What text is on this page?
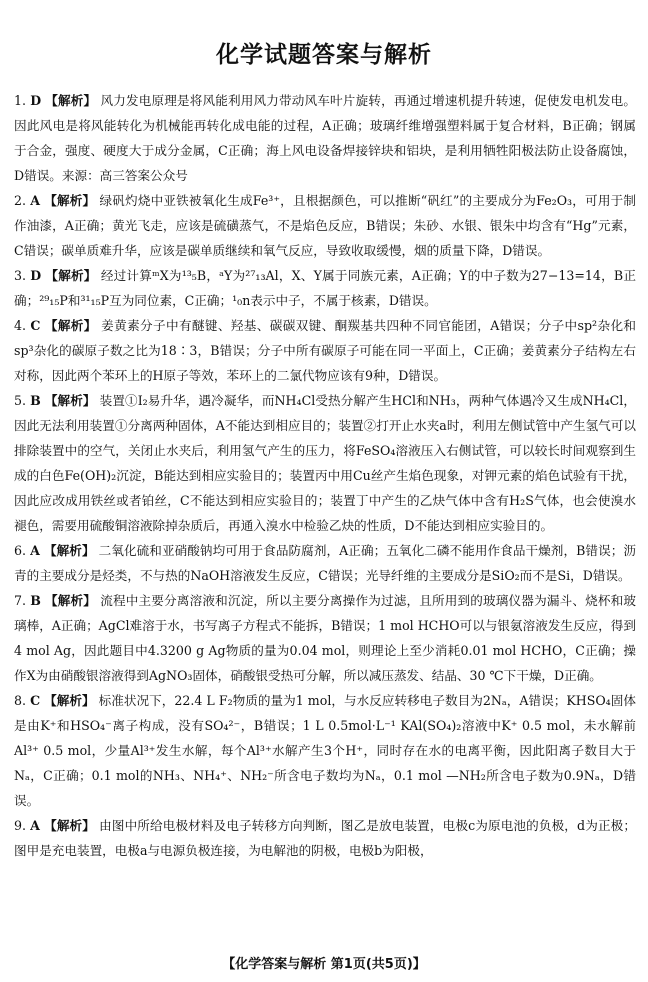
化学试题答案与解析

1. D 【解析】 风力发电原理是将风能利用风力带动风车叶片旋转，再通过增速机提升转速，促使发电机发电。因此风电是将风能转化为机械能再转化成电能的过程，A正确；玻璃纤维增强塑料属于复合材料，B正确；钢属于合金，强度、硬度大于成分金属，C正确；海上风电设备焊接锌块和铝块，是利用牺牲阳极法防止设备腐蚀，D错误。来源：高三答案公众号

2. A 【解析】 绿矾灼烧中亚铁被氧化生成Fe³⁺，且根据颜色，可以推断“矾红”的主要成分为Fe₂O₃，可用于制作油漆，A正确；黄光飞走，应该是硫磺蒸气，不是焰色反应，B错误；朱砂、水银、银朱中均含有“Hg”元素，C错误；碳单质难升华，应该是碳单质继续和氧气反应，导致收取缓慢，烟的质量下降，D错误。

3. D 【解析】 经过计算ᵐX为¹³₅B，ᵃY为²⁷₁₃Al，X、Y属于同族元素，A正确；Y的中子数为27−13=14，B正确；²⁹₁₅P和³¹₁₅P互为同位素，C正确；¹₀n表示中子，不属于核素，D错误。

4. C 【解析】 姜黄素分子中有醚键、羟基、碳碳双键、酮羰基共四种不同官能团，A错误；分子中sp²杂化和sp³杂化的碳原子数之比为18∶3，B错误；分子中所有碳原子可能在同一平面上，C正确；姜黄素分子结构左右对称，因此两个苯环上的H原子等效，苯环上的二氯代物应该有9种，D错误。

5. B 【解析】 装置①I₂易升华，遇冷凝华，而NH₄Cl受热分解产生HCl和NH₃，两种气体遇冷又生成NH₄Cl，因此无法利用装置①分离两种固体，A不能达到相应目的；装置②打开止水夹a时，利用左侧试管中产生氢气可以排除装置中的空气，关闭止水夹后，利用氢气产生的压力，将FeSO₄溶液压入右侧试管，可以较长时间观察到生成的白色Fe(OH)₂沉淀，B能达到相应实验目的；装置丙中用Cu丝产生焰色现象，对钾元素的焰色试验有干扰，因此应改成用铁丝或者铂丝，C不能达到相应实验目的；装置丁中产生的乙炔气体中含有H₂S气体，也会使溴水褪色，需要用硫酸铜溶液除掉杂质后，再通入溴水中检验乙炔的性质，D不能达到相应实验目的。

6. A 【解析】 二氧化硫和亚硝酸钠均可用于食品防腐剂，A正确；五氧化二磷不能用作食品干燥剂，B错误；沥青的主要成分是烃类，不与热的NaOH溶液发生反应，C错误；光导纤维的主要成分是SiO₂而不是Si，D错误。

7. B 【解析】 流程中主要分离溶液和沉淀，所以主要分离操作为过滤，且所用到的玻璃仪器为漏斗、烧杯和玻璃棒，A正确；AgCl难溶于水，书写离子方程式不能拆，B错误；1 mol HCHO可以与银氨溶液发生反应，得到4 mol Ag，因此题目中4.3200 g Ag物质的量为0.04 mol，则理论上至少消耗0.01 mol HCHO，C正确；操作X为由硝酸银溶液得到AgNO₃固体，硝酸银受热可分解，所以减压蒸发、结晶、30 ℃下干燥，D正确。

8. C 【解析】 标准状况下，22.4 L F₂物质的量为1 mol，与水反应转移电子数目为2Nₐ，A错误；KHSO₄固体是由K⁺和HSO₄⁻离子构成，没有SO₄²⁻，B错误；1 L 0.5mol·L⁻¹ KAl(SO₄)₂溶液中K⁺ 0.5 mol，未水解前Al³⁺ 0.5 mol，少量Al³⁺发生水解，每个Al³⁺水解产生3个H⁺，同时存在水的电离平衡，因此阳离子数目大于Nₐ，C正确；0.1 mol的NH₃、NH₄⁺、NH₂⁻所含电子数均为Nₐ，0.1 mol —NH₂所含电子数为0.9Nₐ，D错误。

9. A 【解析】 由图中所给电极材料及电子转移方向判断，图乙是放电装置，电极c为原电池的负极，d为正极；图甲是充电装置，电极a与电源负极连接，为电解池的阴极，电极b为阳极，

【化学答案与解析 第1页(共5页)】
